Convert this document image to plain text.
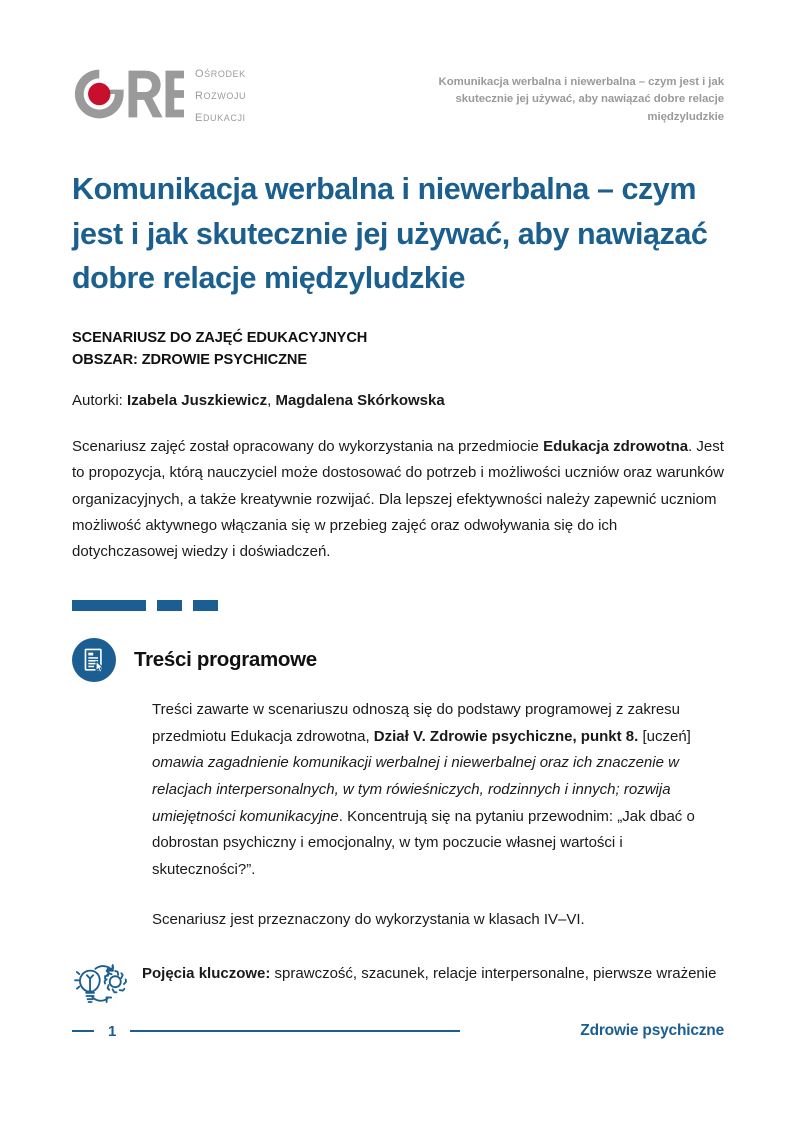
ośrodek
rozwoju
edukacji
Komunikacja werbalna i niewerbalna – czym jest i jak skutecznie jej używać, aby nawiązać dobre relacje międzyludzkie
Komunikacja werbalna i niewerbalna – czym jest i jak skutecznie jej używać, aby nawiązać dobre relacje międzyludzkie
SCENARIUSZ DO ZAJĘĆ EDUKACYJNYCH
OBSZAR: ZDROWIE PSYCHICZNE
Autorki: Izabela Juszkiewicz, Magdalena Skórkowska

Scenariusz zajęć został opracowany do wykorzystania na przedmiocie Edukacja zdrowotna. Jest to propozycja, którą nauczyciel może dostosować do potrzeb i możliwości uczniów oraz warunków organizacyjnych, a także kreatywnie rozwijać. Dla lepszej efektywności należy zapewnić uczniom możliwość aktywnego włączania się w przebieg zajęć oraz odwoływania się do ich dotychczasowej wiedzy i doświadczeń.

Treści programowe

Treści zawarte w scenariuszu odnoszą się do podstawy programowej z zakresu przedmiotu Edukacja zdrowotna, Dział V. Zdrowie psychiczne, punkt 8. [uczeń] omawia zagadnienie komunikacji werbalnej i niewerbalnej oraz ich znaczenie w relacjach interpersonalnych, w tym rówieśniczych, rodzinnych i innych; rozwija umiejętności komunikacyjne. Koncentrują się na pytaniu przewodnim: „Jak dbać o dobrostan psychiczny i emocjonalny, w tym poczucie własnej wartości i skuteczności?”.

Scenariusz jest przeznaczony do wykorzystania w klasach IV–VI.

Pojęcia kluczowe: sprawczość, szacunek, relacje interpersonalne, pierwsze wrażenie
1	Zdrowie psychiczne
